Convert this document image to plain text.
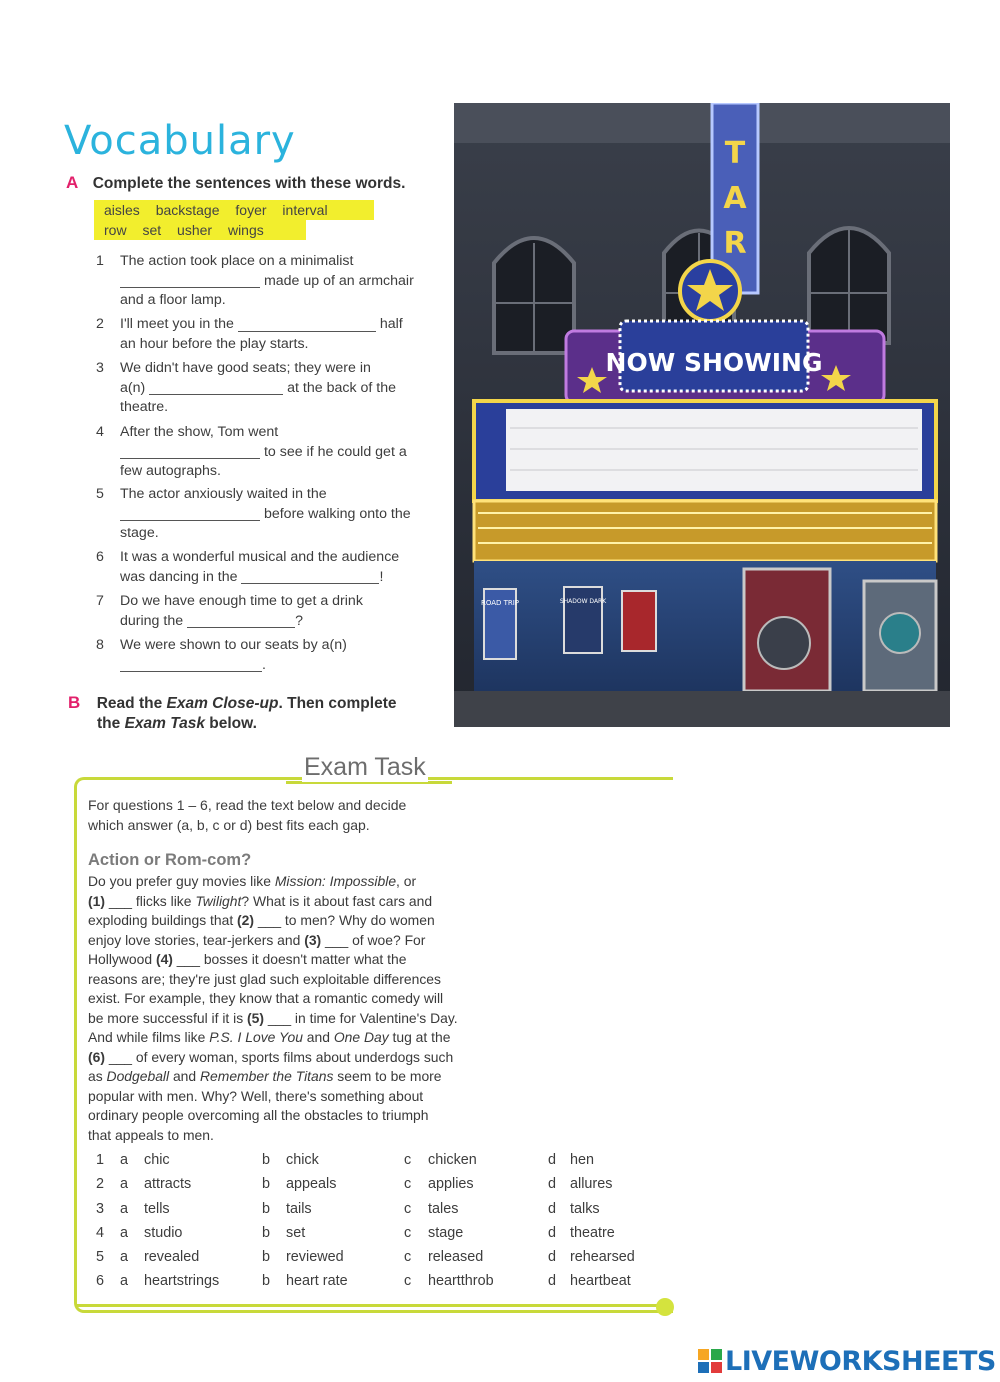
Vocabulary
A Complete the sentences with these words.
aisles backstage foyer interval
row set usher wings
1 The action took place on a minimalist
made up of an armchair
and a floor lamp.
2 I'll meet you in the	half
an hour before the play starts.
3 We didn't have good seats; they were in
a(n)	at the back of the
theatre.
4 After the show, Tom went
to see if he could get a
few autographs.
5 The actor anxiously waited in the
before walking onto the
stage.
6 It was a wonderful musical and the audience
was dancing in the	!
7 Do we have enough time to get a drink
during the	?
8 We were shown to our seats by a(n)
.
B Read the Exam Close-up. Then complete
the Exam Task below.
T
A
R
NOW SHOWING
ROAD TRIP	SHADOW DARK
Exam Task
For questions 1 – 6, read the text below and decide
which answer (a, b, c or d) best fits each gap.
Action or Rom-com?
Do you prefer guy movies like Mission: Impossible, or
(1) ___ flicks like Twilight? What is it about fast cars and
exploding buildings that (2) ___ to men? Why do women
enjoy love stories, tear-jerkers and (3) ___ of woe? For
Hollywood (4) ___ bosses it doesn't matter what the
reasons are; they're just glad such exploitable differences
exist. For example, they know that a romantic comedy will
be more successful if it is (5) ___ in time for Valentine's Day.
And while films like P.S. I Love You and One Day tug at the
(6) ___ of every woman, sports films about underdogs such
as Dodgeball and Remember the Titans seem to be more
popular with men. Why? Well, there's something about
ordinary people overcoming all the obstacles to triumph
that appeals to men.
1 a chic	b chick	c chicken	d hen
2 a attracts	b appeals	c applies	d allures
3 a tells	b tails	c tales	d talks
4 a studio	b set	c stage	d theatre
5 a revealed	b reviewed	c released	d rehearsed
6 a heartstrings	b heart rate	c heartthrob	d heartbeat
LIVEWORKSHEETS
